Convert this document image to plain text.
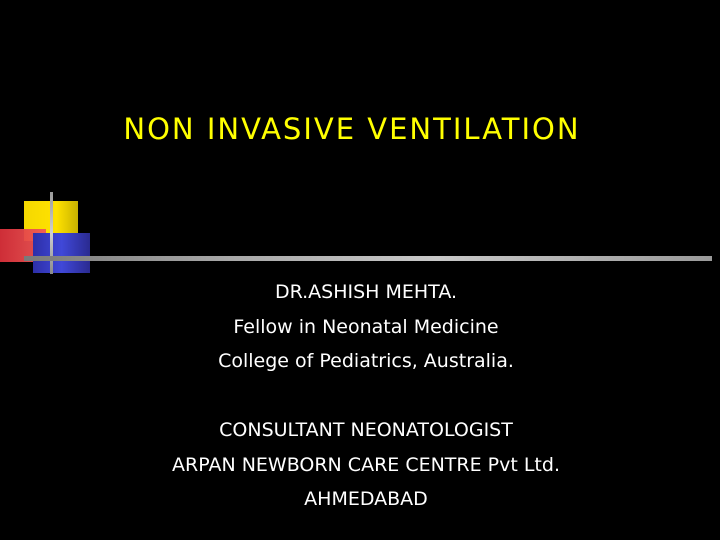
NON INVASIVE VENTILATION
DR.ASHISH MEHTA.
Fellow in Neonatal Medicine
College of Pediatrics, Australia.
CONSULTANT NEONATOLOGIST
ARPAN NEWBORN CARE CENTRE Pvt Ltd.
AHMEDABAD
